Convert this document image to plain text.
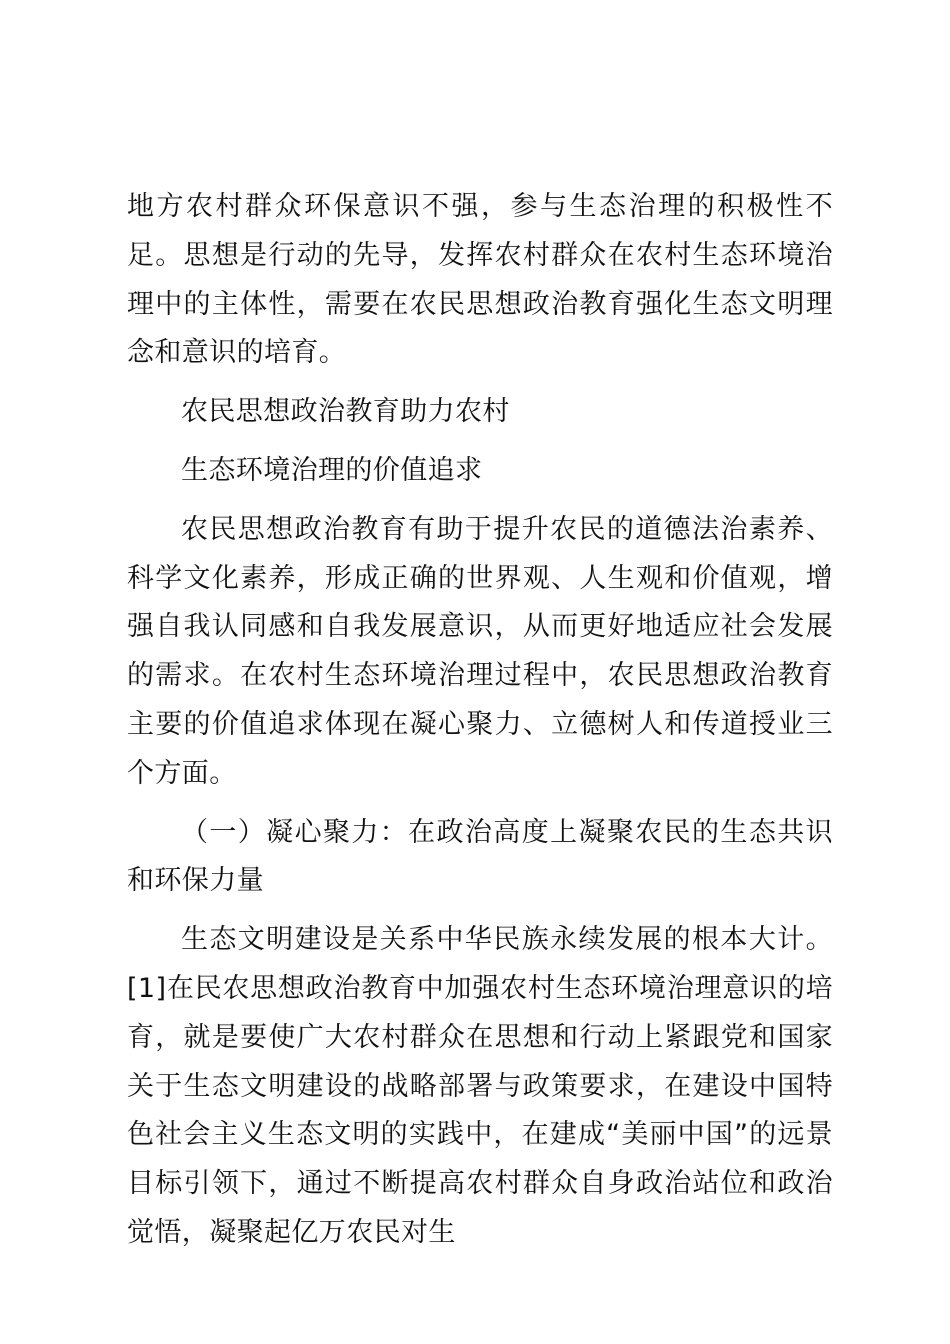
地方农村群众环保意识不强，参与生态治理的积极性不足。思想是行动的先导，发挥农村群众在农村生态环境治理中的主体性，需要在农民思想政治教育强化生态文明理念和意识的培育。

农民思想政治教育助力农村

生态环境治理的价值追求

农民思想政治教育有助于提升农民的道德法治素养、科学文化素养，形成正确的世界观、人生观和价值观，增强自我认同感和自我发展意识，从而更好地适应社会发展的需求。在农村生态环境治理过程中，农民思想政治教育主要的价值追求体现在凝心聚力、立德树人和传道授业三个方面。

（一）凝心聚力：在政治高度上凝聚农民的生态共识和环保力量

生态文明建设是关系中华民族永续发展的根本大计。[1]在民农思想政治教育中加强农村生态环境治理意识的培育，就是要使广大农村群众在思想和行动上紧跟党和国家关于生态文明建设的战略部署与政策要求，在建设中国特色社会主义生态文明的实践中，在建成“美丽中国”的远景目标引领下，通过不断提高农村群众自身政治站位和政治觉悟，凝聚起亿万农民对生
